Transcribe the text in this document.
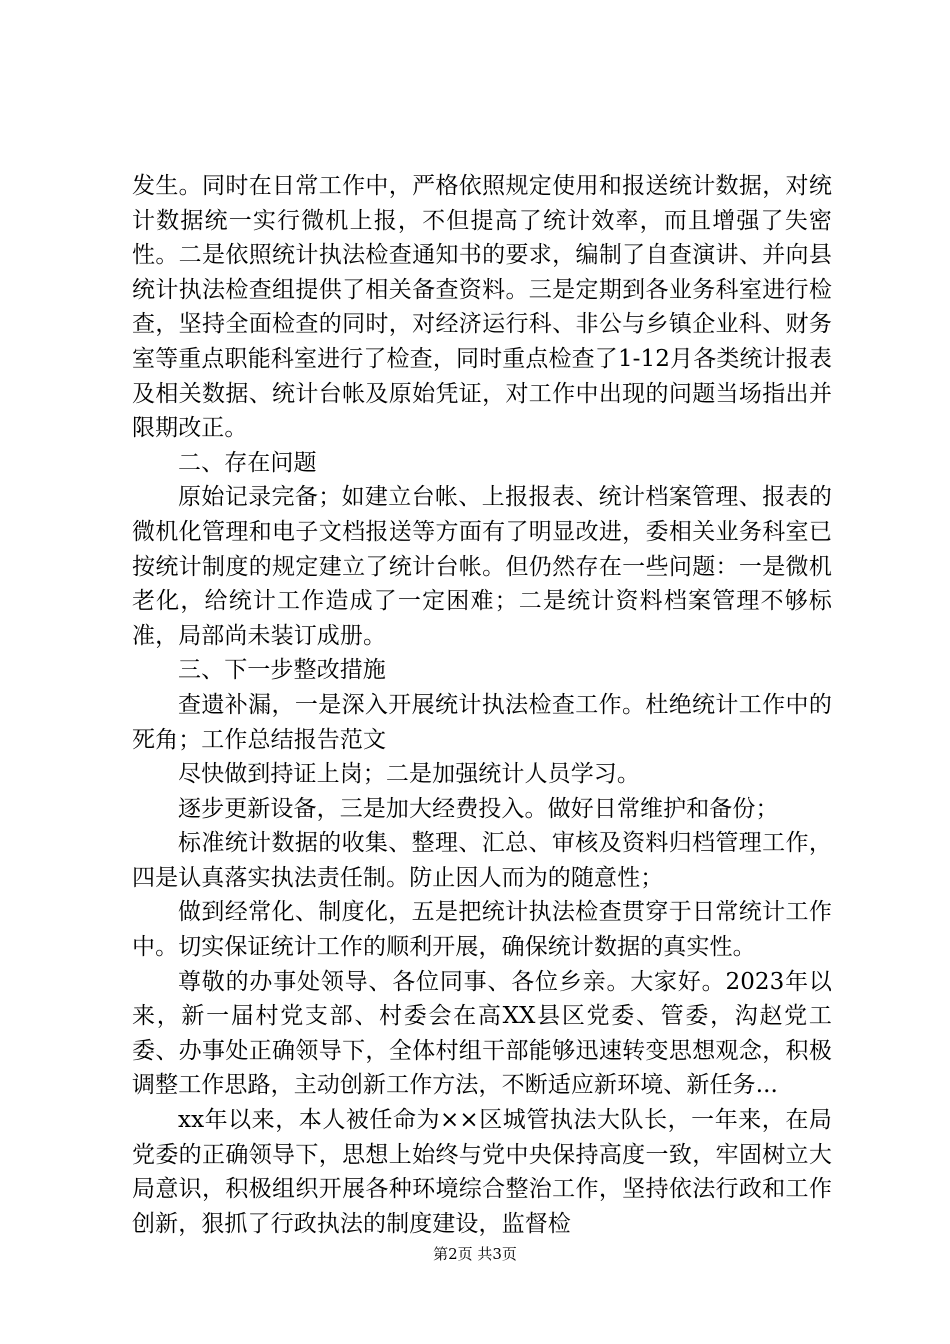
发生。同时在日常工作中，严格依照规定使用和报送统计数据，对统计数据统一实行微机上报，不但提高了统计效率，而且增强了失密性。二是依照统计执法检查通知书的要求，编制了自查演讲、并向县统计执法检查组提供了相关备查资料。三是定期到各业务科室进行检查，坚持全面检查的同时，对经济运行科、非公与乡镇企业科、财务室等重点职能科室进行了检查，同时重点检查了1-12月各类统计报表及相关数据、统计台帐及原始凭证，对工作中出现的问题当场指出并限期改正。

二、存在问题

原始记录完备；如建立台帐、上报报表、统计档案管理、报表的微机化管理和电子文档报送等方面有了明显改进，委相关业务科室已按统计制度的规定建立了统计台帐。但仍然存在一些问题：一是微机老化，给统计工作造成了一定困难；二是统计资料档案管理不够标准，局部尚未装订成册。

三、下一步整改措施

查遗补漏，一是深入开展统计执法检查工作。杜绝统计工作中的死角；工作总结报告范文

尽快做到持证上岗；二是加强统计人员学习。

逐步更新设备，三是加大经费投入。做好日常维护和备份；

标准统计数据的收集、整理、汇总、审核及资料归档管理工作，四是认真落实执法责任制。防止因人而为的随意性；

做到经常化、制度化，五是把统计执法检查贯穿于日常统计工作中。切实保证统计工作的顺利开展，确保统计数据的真实性。

尊敬的办事处领导、各位同事、各位乡亲。大家好。2023年以来，新一届村党支部、村委会在高XX县区党委、管委，沟赵党工委、办事处正确领导下，全体村组干部能够迅速转变思想观念，积极调整工作思路，主动创新工作方法，不断适应新环境、新任务...

xx年以来，本人被任命为××区城管执法大队长，一年来，在局党委的正确领导下，思想上始终与党中央保持高度一致，牢固树立大局意识，积极组织开展各种环境综合整治工作，坚持依法行政和工作创新，狠抓了行政执法的制度建设，监督检

第2页 共3页
